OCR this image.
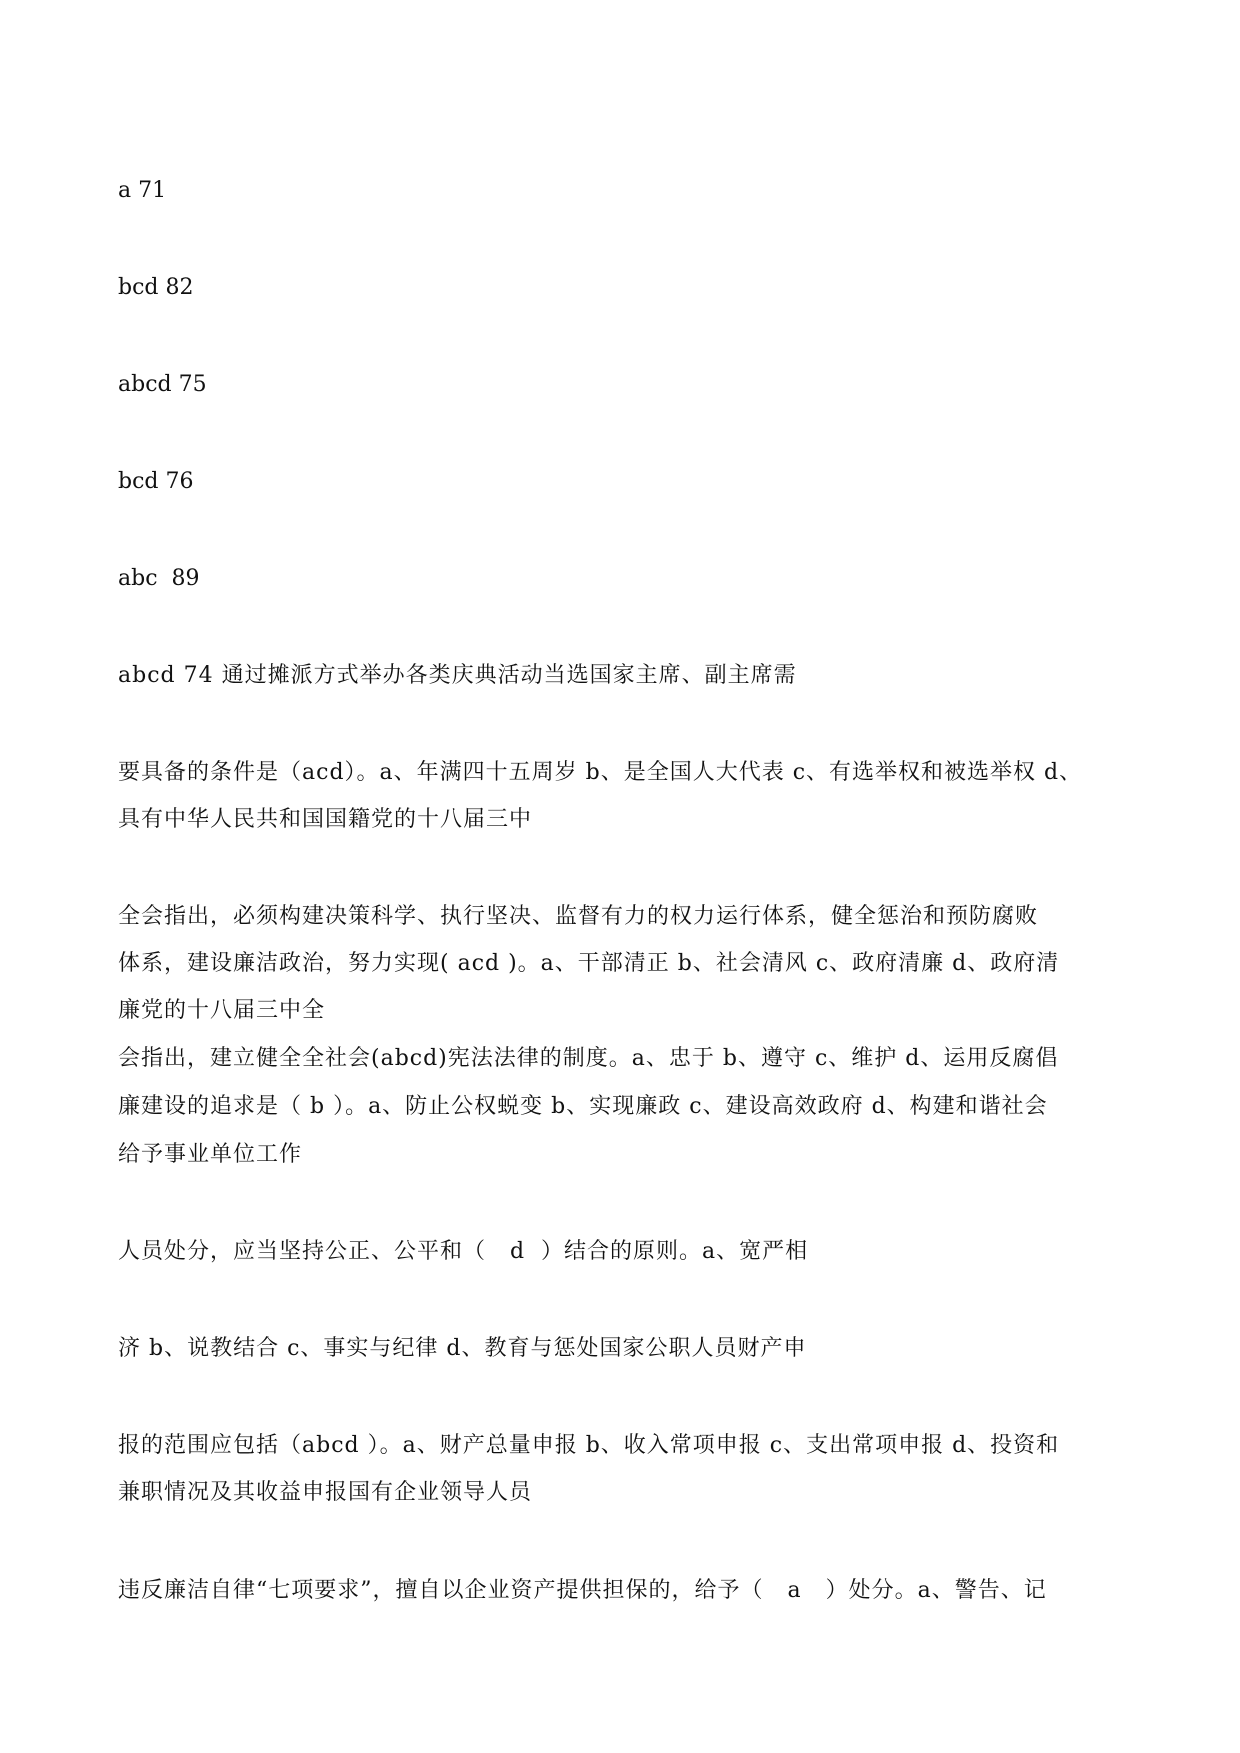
a 71

bcd 82

abcd 75

bcd 76

abc  89

abcd 74 通过摊派方式举办各类庆典活动当选国家主席、副主席需

要具备的条件是（acd）。a、年满四十五周岁 b、是全国人大代表 c、有选举权和被选举权 d、

具有中华人民共和国国籍党的十八届三中

全会指出，必须构建决策科学、执行坚决、监督有力的权力运行体系，健全惩治和预防腐败

体系，建设廉洁政治，努力实现( acd )。a、干部清正 b、社会清风 c、政府清廉 d、政府清

廉党的十八届三中全

会指出，建立健全全社会(abcd)宪法法律的制度。a、忠于 b、遵守 c、维护 d、运用反腐倡

廉建设的追求是（ b ）。a、防止公权蜕变 b、实现廉政 c、建设高效政府 d、构建和谐社会

给予事业单位工作

人员处分，应当坚持公正、公平和（   d  ）结合的原则。a、宽严相

济 b、说教结合 c、事实与纪律 d、教育与惩处国家公职人员财产申

报的范围应包括（abcd ）。a、财产总量申报 b、收入常项申报 c、支出常项申报 d、投资和

兼职情况及其收益申报国有企业领导人员

违反廉洁自律“七项要求”，擅自以企业资产提供担保的，给予（   a   ）处分。a、警告、记
